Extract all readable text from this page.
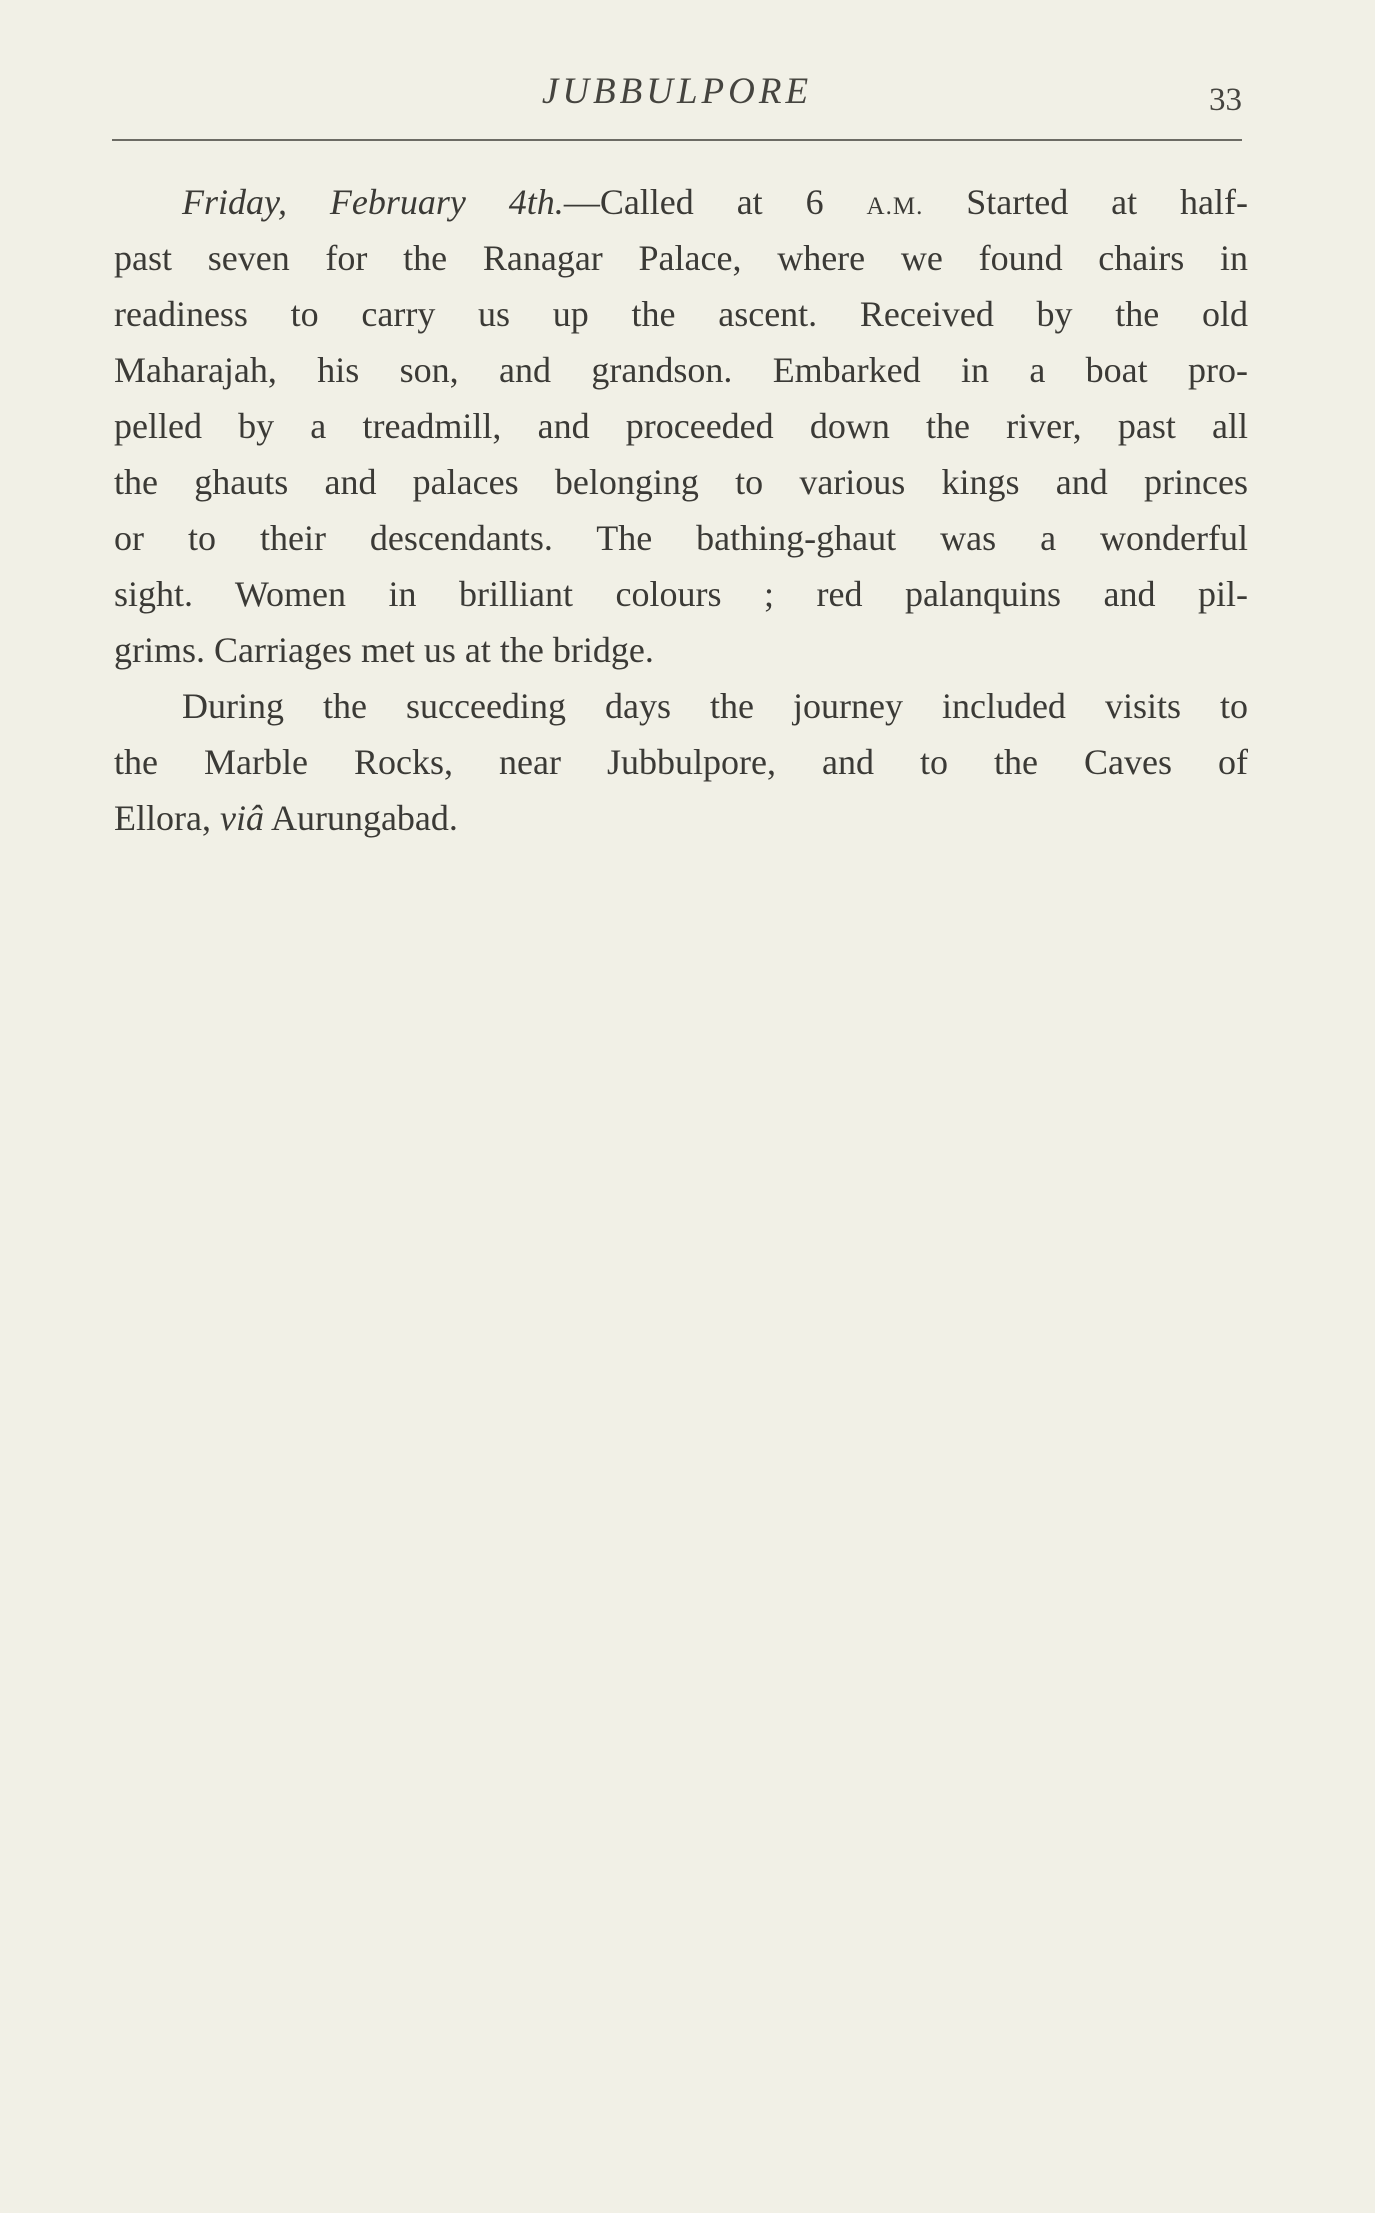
JUBBULPORE	33
Friday, February 4th.—Called at 6 A.M. Started at half-
past seven for the Ranagar Palace, where we found chairs in
readiness to carry us up the ascent. Received by the old
Maharajah, his son, and grandson. Embarked in a boat pro-
pelled by a treadmill, and proceeded down the river, past all
the ghauts and palaces belonging to various kings and princes
or to their descendants. The bathing-ghaut was a wonderful
sight. Women in brilliant colours ; red palanquins and pil-
grims. Carriages met us at the bridge.
During the succeeding days the journey included visits to
the Marble Rocks, near Jubbulpore, and to the Caves of
Ellora, viâ Aurungabad.
